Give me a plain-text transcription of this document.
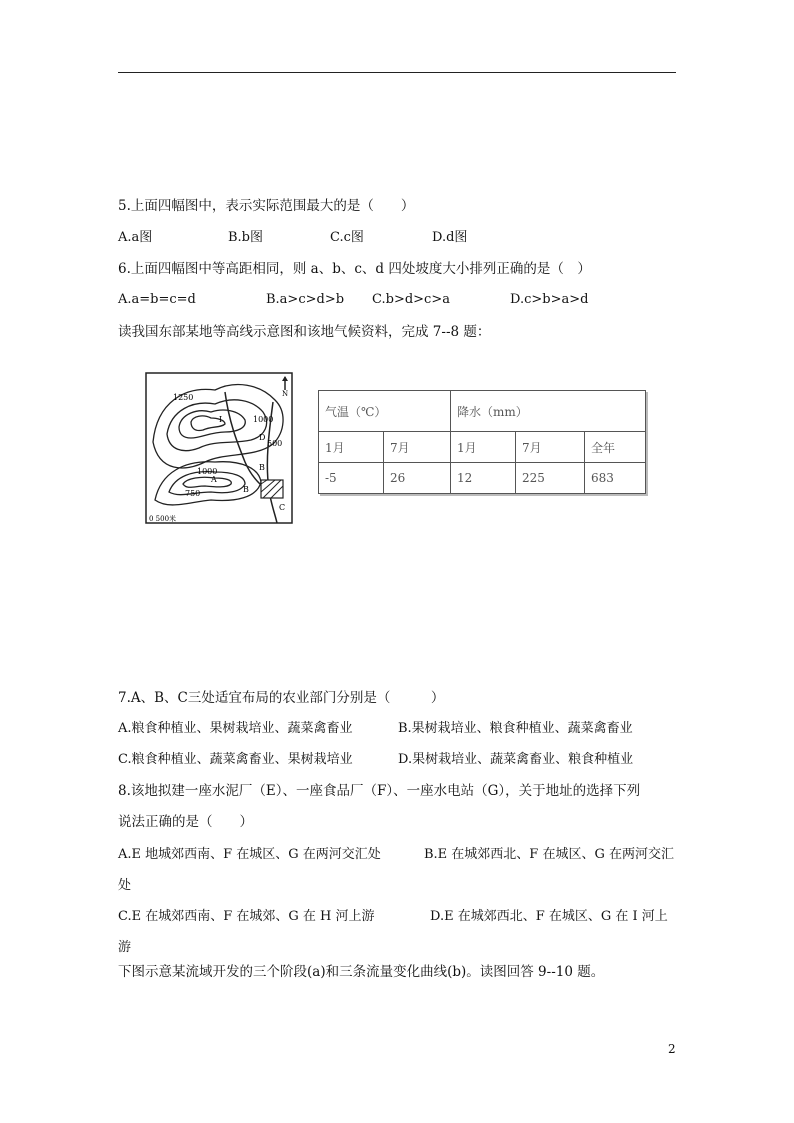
5.上面四幅图中，表示实际范围最大的是（　　）
A.a图	B.b图	C.c图	D.d图
6.上面四幅图中等高距相同，则 a、b、c、d 四处坡度大小排列正确的是（　）
A.a=b=c=d	B.a>c>d>b C.b>d>c>a	D.c>b>a>d
读我国东部某地等高线示意图和该地气候资料，完成 7--8 题：
N
1250
1000
500
1000
750
A
B
B
C
D
I
0 500米
气温（℃）		降水（mm）		
1月	7月	1月	7月	全年
-5	26	12	225	683
7.A、B、C三处适宜布局的农业部门分别是（　　　）
A.粮食种植业、果树栽培业、蔬菜禽畜业	B.果树栽培业、粮食种植业、蔬菜禽畜业
C.粮食种植业、蔬菜禽畜业、果树栽培业	D.果树栽培业、蔬菜禽畜业、粮食种植业
8.该地拟建一座水泥厂（E）、一座食品厂（F）、一座水电站（G），关于地址的选择下列
说法正确的是（　　）
A.E 地城郊西南、F 在城区、G 在两河交汇处	B.E 在城郊西北、F 在城区、G 在两河交汇
处
C.E 在城郊西南、F 在城郊、G 在 H 河上游	D.E 在城郊西北、F 在城区、G 在 I 河上
游
下图示意某流域开发的三个阶段(a)和三条流量变化曲线(b)。读图回答 9--10 题。
2
